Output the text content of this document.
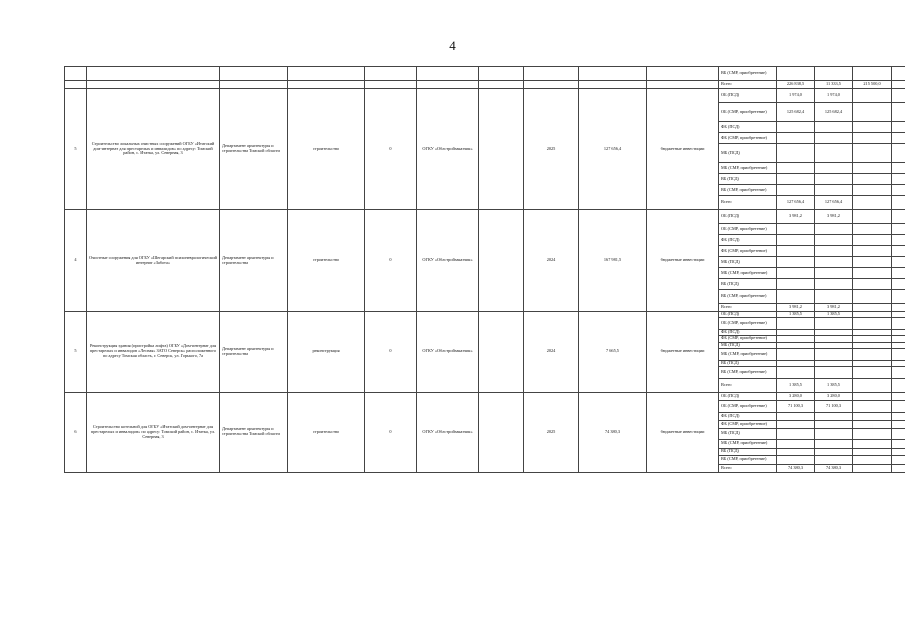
4
										ВБ (СМР, приобретение)				
										Всего	226 838,5	11 333,5	215 500,0	
5	Строительство локальных очистных сооружений ОГБУ «Итатский дом-интернат для престарелых и инвалидов» по адресу: Томский район, с. Итатка, ул. Северная, 3	Департамент архитектуры и строительства Томской области	строительство	0	ОГКУ «Облстройзаказчик»		2025	127 656,4	бюджетные инвестиции	ОБ (ПСД)	1 974,0	1 974,0		
										ОБ (СМР, приобретение)	125 682,4	125 682,4		
										ФБ (ПСД)				
										ФБ (СМР, приобретение)				
										МБ (ПСД)				
										МБ (СМР, приобретение)				
										ВБ (ПСД)				
										ВБ (СМР, приобретение)				
										Всего	127 656,4	127 656,4		
4	Очистные сооружения для ОГБУ «Шегарский психоневрологический интернат «Забота»	Департамент архитектуры и строительства	строительство	0	ОГКУ «Облстройзаказчик»		2024	167 981,5	бюджетные инвестиции	ОБ (ПСД)	3 981,2	3 981,2		
										ОБ (СМР, приобретение)				
										ФБ (ПСД)				
										ФБ (СМР, приобретение)				
										МБ (ПСД)				
										МБ (СМР, приобретение)				
										ВБ (ПСД)				
										ВБ (СМР, приобретение)				
										Всего	3 981,2	3 981,2		
5	Реконструкция здания (пристройка лифта) ОГБУ «Дом-интернат для престарелых и инвалидов «Лесная» ЗАТО Северск» расположенного по адресу Томская область, г. Северск, ул. Горького, 7а	Департамент архитектуры и строительства	реконструкция	0	ОГКУ «Облстройзаказчик»		2024	7 665,5	бюджетные инвестиции	ОБ (ПСД)	1 385,5	1 385,5		
										ОБ (СМР, приобретение)				
										ФБ (ПСД)				
										ФБ (СМР, приобретение)				
										МБ (ПСД)				
										МБ (СМР, приобретение)				
										ВБ (ПСД)				
										ВБ (СМР, приобретение)				
										Всего	1 385,5	1 385,5		
6	Строительство котельной для ОГБУ «Итатский дом-интернат для престарелых и инвалидов» по адресу: Томский район, с. Итатка, ул. Северная, 3	Департамент архитектуры и строительства Томской области	строительство	0	ОГКУ «Облстройзаказчик»		2025	74 380,3	бюджетные инвестиции	ОБ (ПСД)	3 280,0	3 280,0		
										ОБ (СМР, приобретение)	71 100,3	71 100,3		
										ФБ (ПСД)				
										ФБ (СМР, приобретение)				
										МБ (ПСД)				
										МБ (СМР, приобретение)				
										ВБ (ПСД)				
										ВБ (СМР, приобретение)				
										Всего	74 380,3	74 380,3		
